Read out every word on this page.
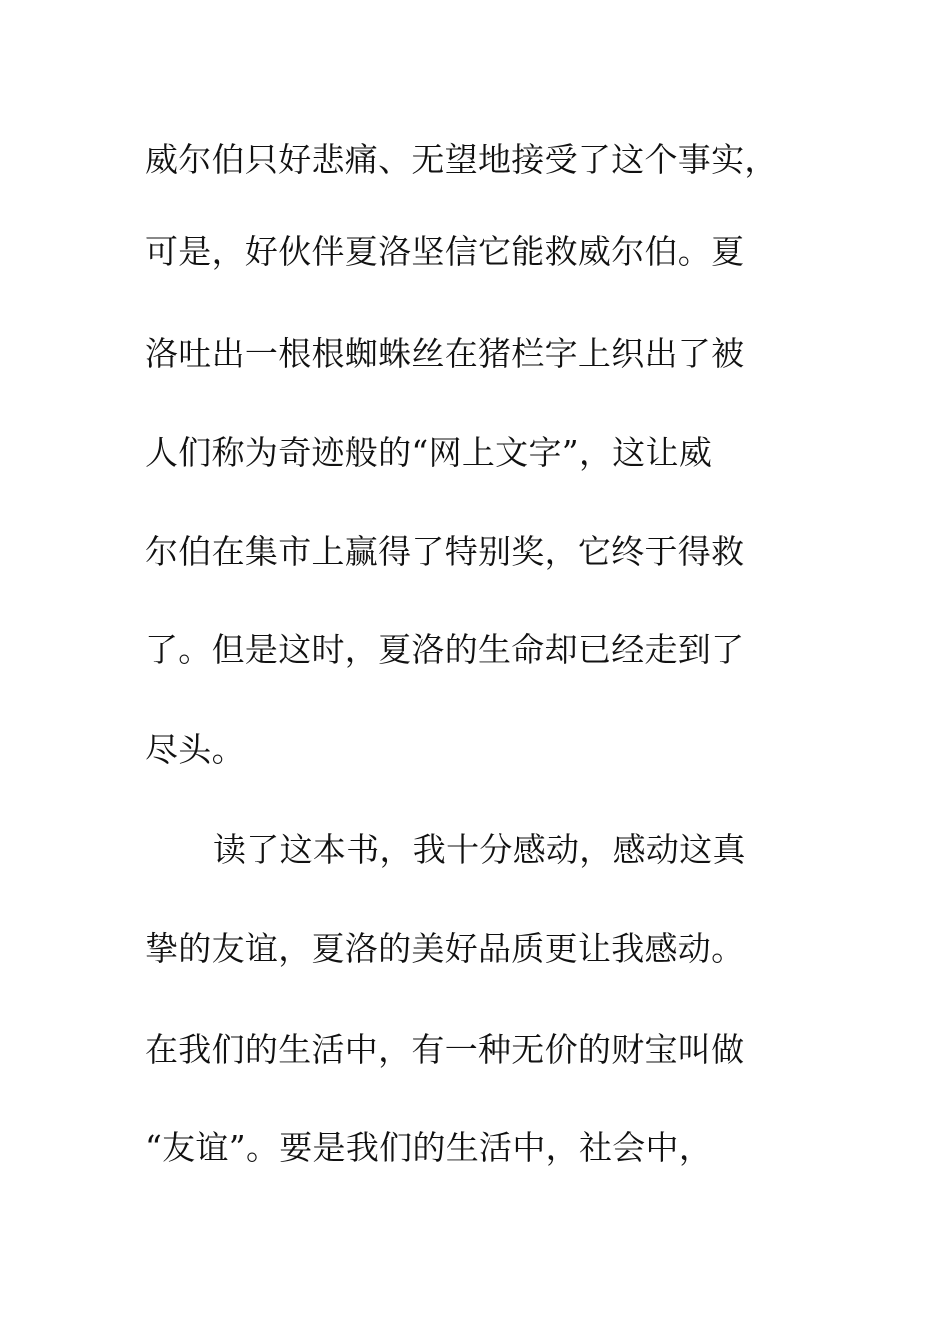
威尔伯只好悲痛、无望地接受了这个事实，

可是，好伙伴夏洛坚信它能救威尔伯。夏

洛吐出一根根蜘蛛丝在猪栏字上织出了被

人们称为奇迹般的“网上文字”，这让威

尔伯在集市上赢得了特别奖，它终于得救

了。但是这时，夏洛的生命却已经走到了

尽头。

读了这本书，我十分感动，感动这真

挚的友谊，夏洛的美好品质更让我感动。

在我们的生活中，有一种无价的财宝叫做

“友谊”。要是我们的生活中，社会中，
